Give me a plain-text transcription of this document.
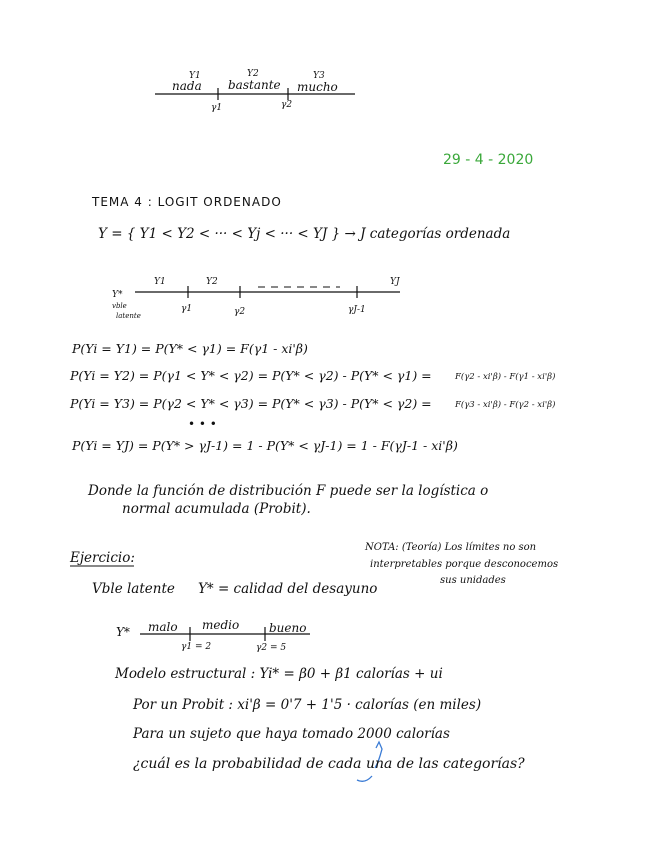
Y1	Y2	Y3
nada bastante mucho
γ1	γ2
29 - 4 - 2020
TEMA 4 : LOGIT ORDENADO
Y = { Y1 < Y2 < ··· < Yj < ··· < YJ } → J categorías ordenada
Y1	Y2	YJ
Y*
vble
latente
γ1	γ2	γJ-1
P(Yi = Y1) = P(Y* < γ1) = F(γ1 - xi'β)
P(Yi = Y2) = P(γ1 < Y* < γ2) = P(Y* < γ2) - P(Y* < γ1) =	F(γ2 - xi'β) - F(γ1 - xi'β)
P(Yi = Y3) = P(γ2 < Y* < γ3) = P(Y* < γ3) - P(Y* < γ2) =	F(γ3 - xi'β) - F(γ2 - xi'β)
• • •
P(Yi = YJ) = P(Y* > γJ-1) = 1 - P(Y* < γJ-1) = 1 - F(γJ-1 - xi'β)
Donde la función de distribución F puede ser la logística o
normal acumulada (Probit).
Ejercicio:
NOTA: (Teoría) Los límites no son
interpretables porque desconocemos
sus unidades
Vble latente Y* = calidad del desayuno
Y* malo medio bueno
γ1 = 2	γ2 = 5
Modelo estructural : Yi* = β0 + β1 calorías + ui
Por un Probit : xi'β = 0'7 + 1'5 · calorías (en miles)
Para un sujeto que haya tomado 2000 calorías
¿cuál es la probabilidad de cada una de las categorías?
